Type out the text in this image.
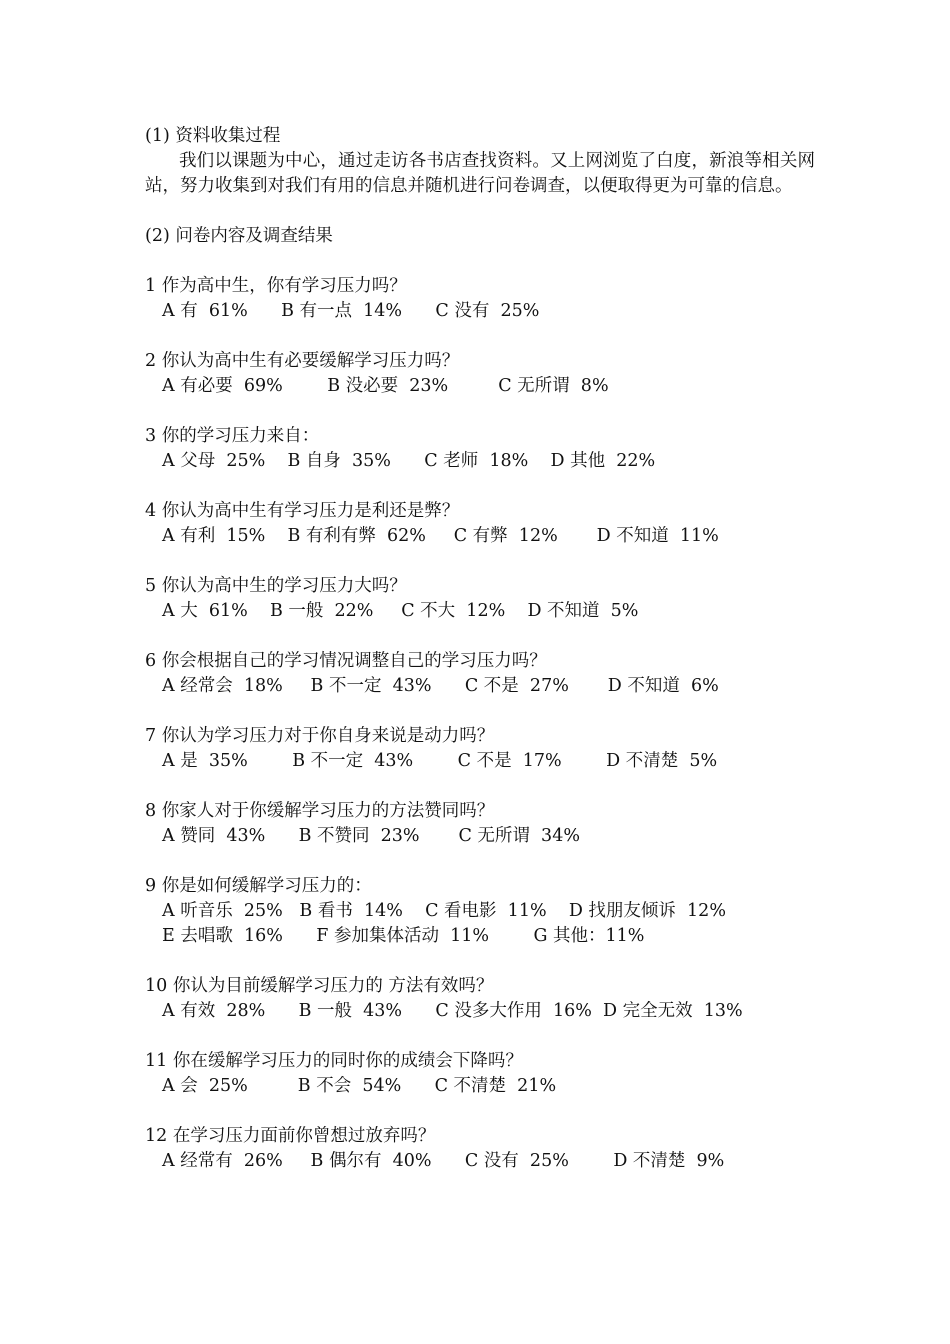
(1) 资料收集过程

我们以课题为中心，通过走访各书店查找资料。又上网浏览了白度，新浪等相关网站，努力收集到对我们有用的信息并随机进行问卷调查，以便取得更为可靠的信息。

(2) 问卷内容及调查结果

1 作为高中生，你有学习压力吗？

A 有  61%      B 有一点  14%      C 没有  25%

2 你认为高中生有必要缓解学习压力吗？

A 有必要  69%        B 没必要  23%         C 无所谓  8%

3 你的学习压力来自：

A 父母  25%    B 自身  35%      C 老师  18%    D 其他  22%

4 你认为高中生有学习压力是利还是弊？

A 有利  15%    B 有利有弊  62%     C 有弊  12%       D 不知道  11%

5 你认为高中生的学习压力大吗？

A 大  61%    B 一般  22%     C 不大  12%    D 不知道  5%

6 你会根据自己的学习情况调整自己的学习压力吗？

A 经常会  18%     B 不一定  43%      C 不是  27%       D 不知道  6%

7 你认为学习压力对于你自身来说是动力吗？

A 是  35%        B 不一定  43%        C 不是  17%        D 不清楚  5%

8 你家人对于你缓解学习压力的方法赞同吗？

A 赞同  43%      B 不赞同  23%       C 无所谓  34%

9 你是如何缓解学习压力的：

A 听音乐  25%   B 看书  14%    C 看电影  11%    D 找朋友倾诉  12%

E 去唱歌  16%      F 参加集体活动  11%        G 其他：11%

10 你认为目前缓解学习压力的 方法有效吗？

A 有效  28%      B 一般  43%      C 没多大作用  16%  D 完全无效  13%

11 你在缓解学习压力的同时你的成绩会下降吗？

A 会  25%         B 不会  54%      C 不清楚  21%

12 在学习压力面前你曾想过放弃吗？

A 经常有  26%     B 偶尔有  40%      C 没有  25%        D 不清楚  9%
